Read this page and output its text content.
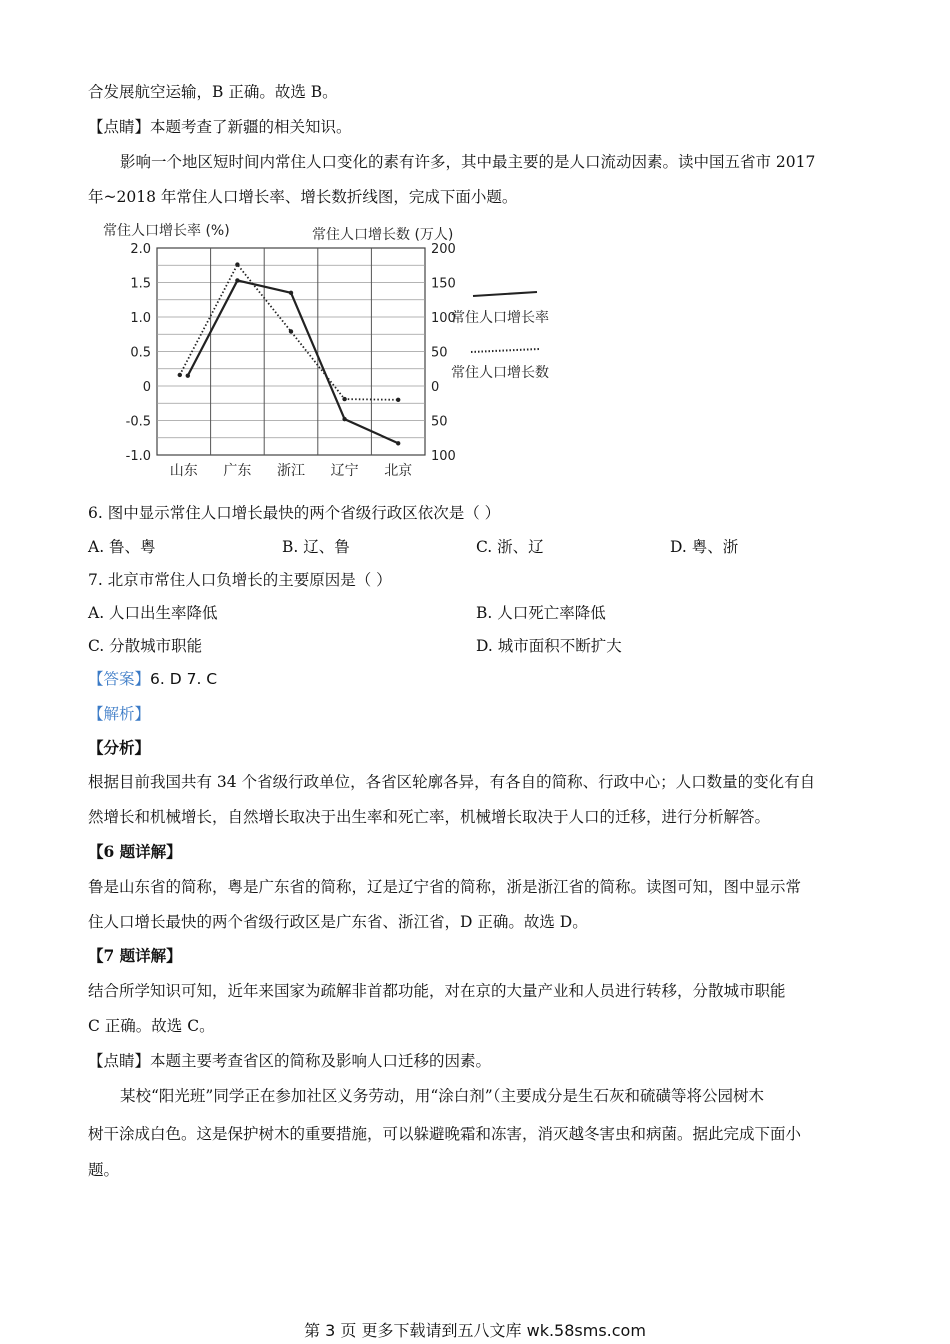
合发展航空运输，B 正确。故选 B。
【点睛】本题考查了新疆的相关知识。
影响一个地区短时间内常住人口变化的素有许多，其中最主要的是人口流动因素。读中国五省市 2017
年~2018 年常住人口增长率、增长数折线图，完成下面小题。
常住人口增长率 (%)	常住人口增长数 (万人)
2.0
1.5
1.0
0.5
0
-0.5
-1.0
200
150
100
50
0
50
100
山东 广东 浙江 辽宁 北京
常住人口增长率
常住人口增长数
6. 图中显示常住人口增长最快的两个省级行政区依次是（ ）
A. 鲁、粤	B. 辽、鲁	C. 浙、辽	D. 粤、浙
7. 北京市常住人口负增长的主要原因是（ ）
A. 人口出生率降低	B. 人口死亡率降低
C. 分散城市职能	D. 城市面积不断扩大
【答案】6. D 7. C
【解析】
【分析】
根据目前我国共有 34 个省级行政单位，各省区轮廓各异，有各自的简称、行政中心；人口数量的变化有自
然增长和机械增长，自然增长取决于出生率和死亡率，机械增长取决于人口的迁移，进行分析解答。
【6 题详解】
鲁是山东省的简称，粤是广东省的简称，辽是辽宁省的简称，浙是浙江省的简称。读图可知，图中显示常
住人口增长最快的两个省级行政区是广东省、浙江省，D 正确。故选 D。
【7 题详解】
结合所学知识可知，近年来国家为疏解非首都功能，对在京的大量产业和人员进行转移，分散城市职能
C 正确。故选 C。
【点睛】本题主要考查省区的简称及影响人口迁移的因素。
某校“阳光班”同学正在参加社区义务劳动，用“涂白剂”（主要成分是生石灰和硫磺等将公园树木
树干涂成白色。这是保护树木的重要措施，可以躲避晚霜和冻害，消灭越冬害虫和病菌。据此完成下面小
题。
第 3 页 更多下载请到五八文库 wk.58sms.com
